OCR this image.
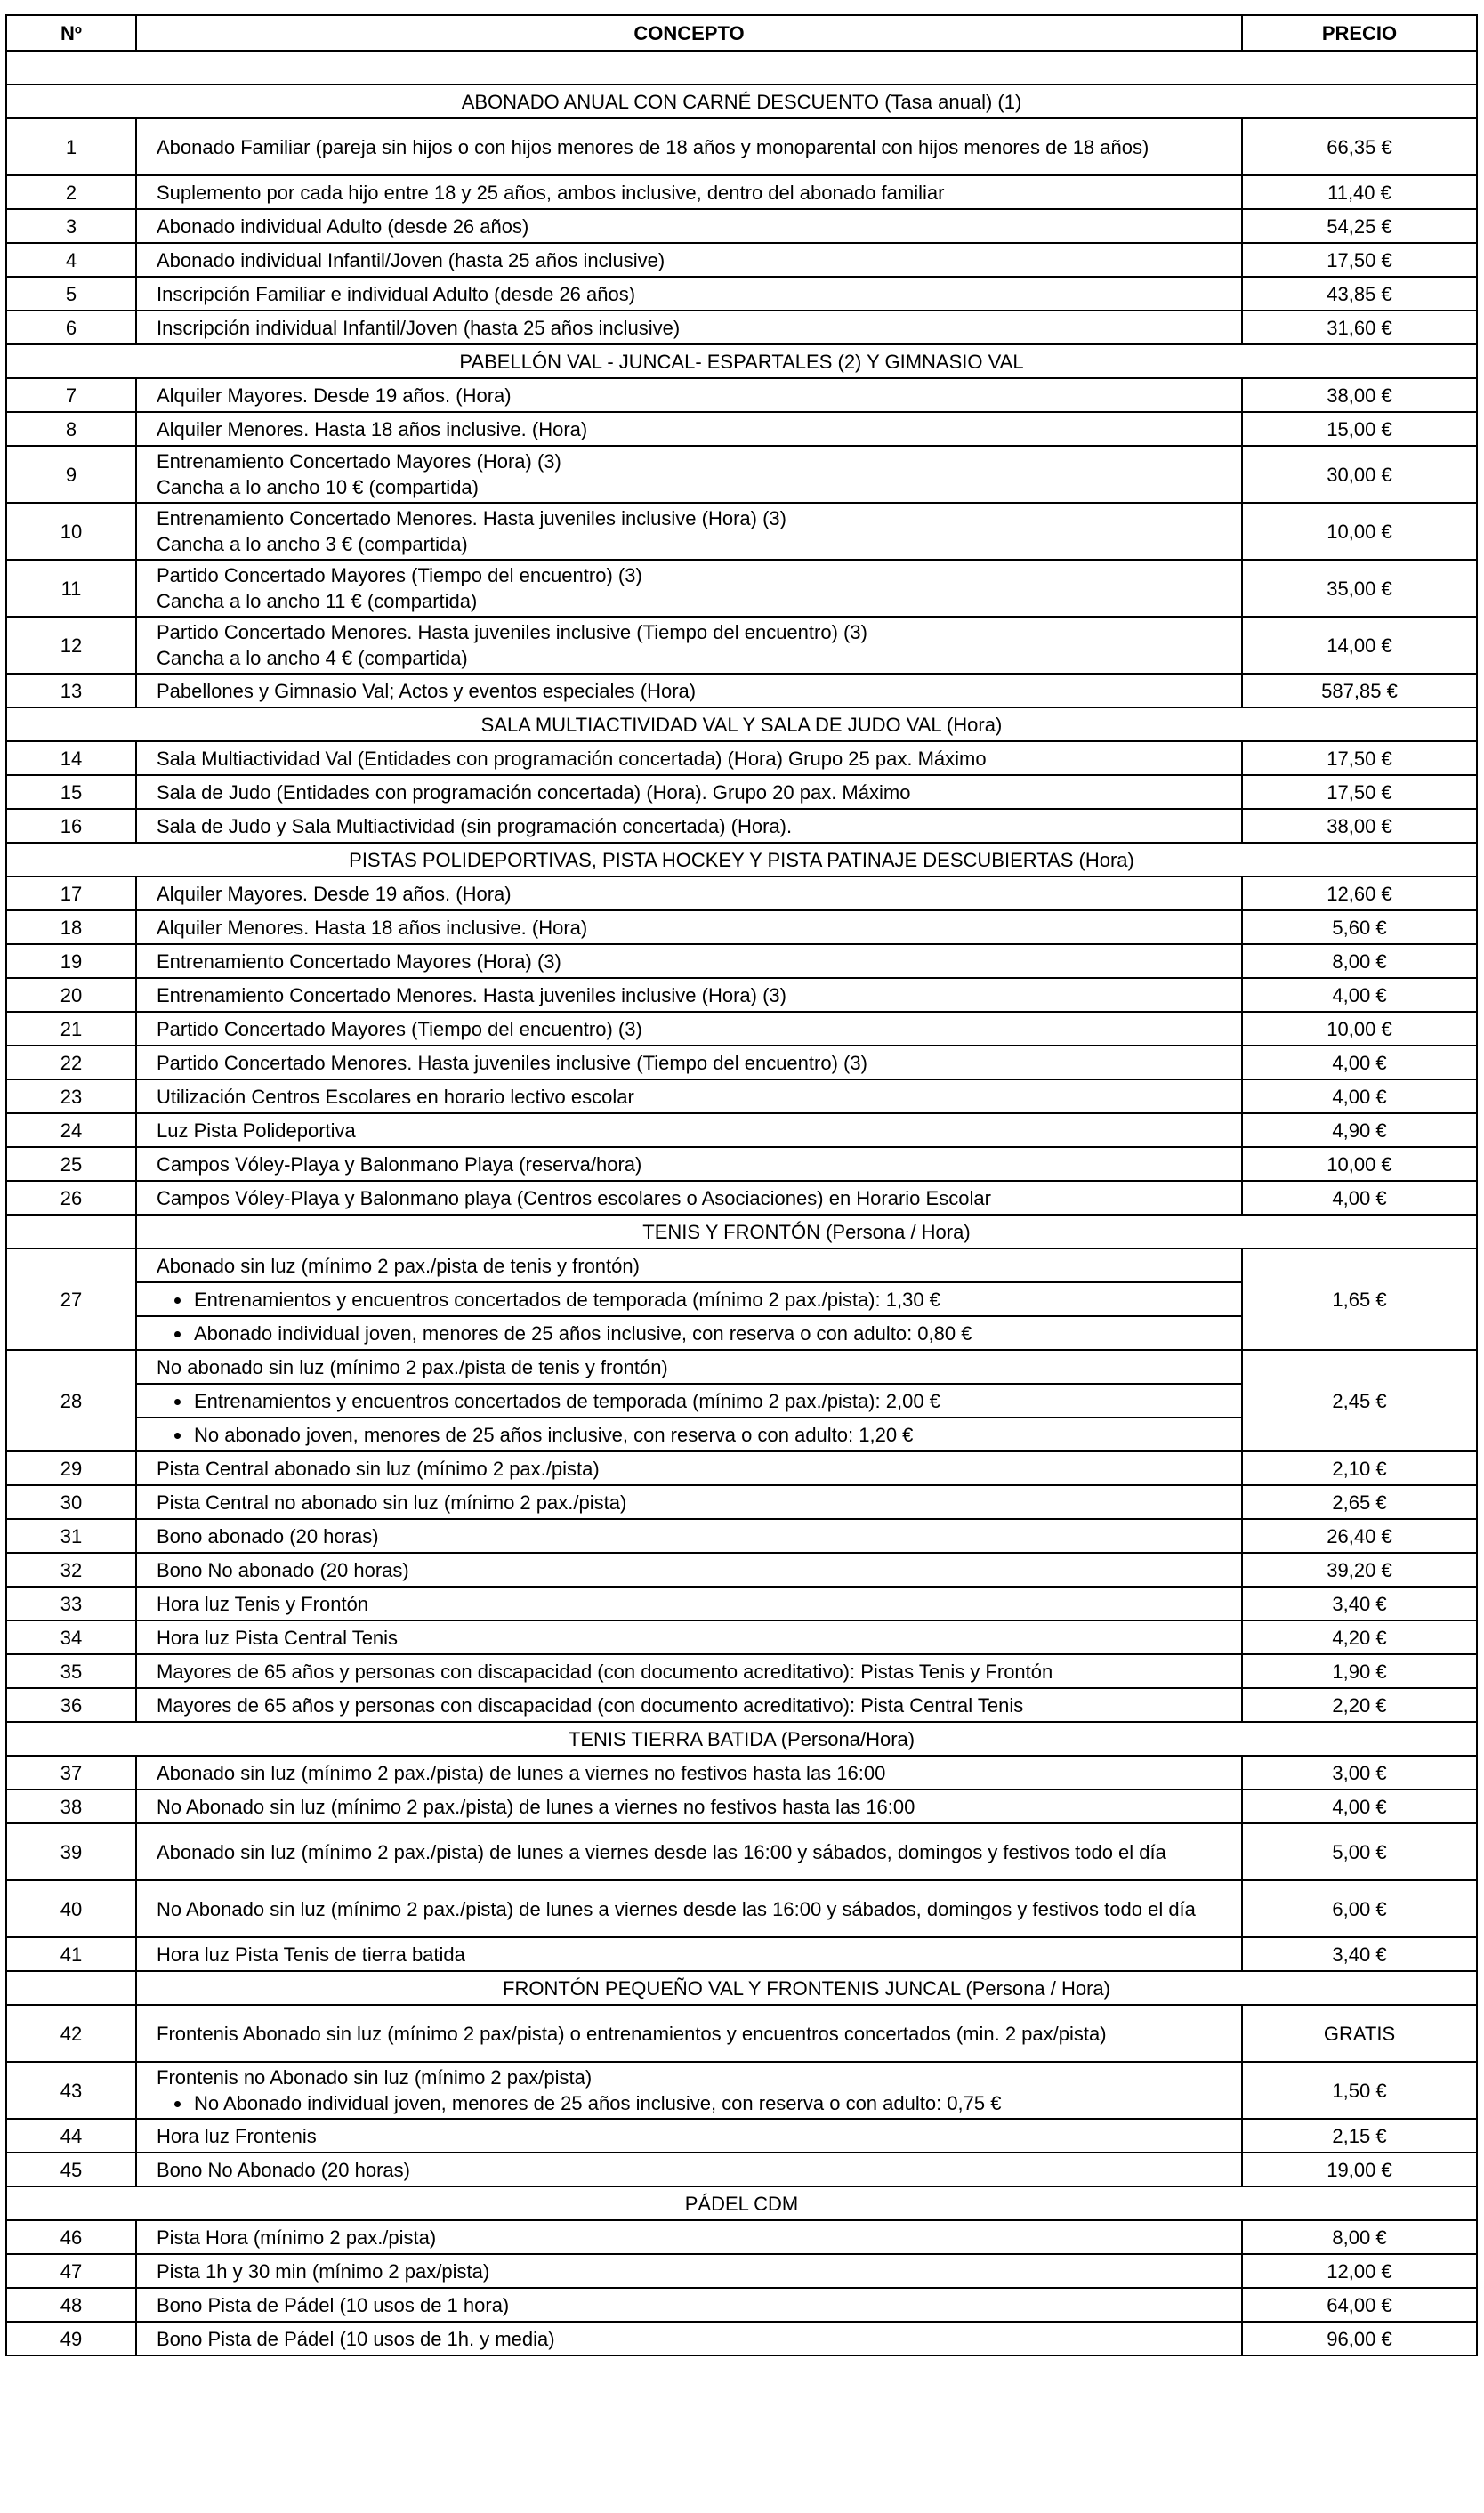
Nº	CONCEPTO	PRECIO

ABONADO ANUAL CON CARNÉ DESCUENTO (Tasa anual) (1)		
1	Abonado Familiar (pareja sin hijos o con hijos menores de 18 años y monoparental con hijos menores de 18 años)	66,35 €
2	Suplemento por cada hijo entre 18 y 25 años, ambos inclusive, dentro del abonado familiar	11,40 €
3	Abonado individual Adulto (desde 26 años)	54,25 €
4	Abonado individual Infantil/Joven (hasta 25 años inclusive)	17,50 €
5	Inscripción Familiar e individual Adulto (desde 26 años)	43,85 €
6	Inscripción individual Infantil/Joven (hasta 25 años inclusive)	31,60 €
PABELLÓN VAL - JUNCAL- ESPARTALES (2) Y GIMNASIO VAL		
7	Alquiler Mayores. Desde 19 años. (Hora)	38,00 €
8	Alquiler Menores. Hasta 18 años inclusive. (Hora)	15,00 €
9	Entrenamiento Concertado Mayores (Hora) (3)
Cancha a lo ancho 10 € (compartida)	30,00 €
10	Entrenamiento Concertado Menores. Hasta juveniles inclusive (Hora) (3)
Cancha a lo ancho 3 € (compartida)	10,00 €
11	Partido Concertado Mayores (Tiempo del encuentro) (3)
Cancha a lo ancho 11 € (compartida)	35,00 €
12	Partido Concertado Menores. Hasta juveniles inclusive (Tiempo del encuentro) (3)
Cancha a lo ancho 4 € (compartida)	14,00 €
13	Pabellones y Gimnasio Val; Actos y eventos especiales (Hora)	587,85 €
SALA MULTIACTIVIDAD VAL Y SALA DE JUDO VAL (Hora)		
14	Sala Multiactividad Val (Entidades con programación concertada) (Hora) Grupo 25 pax. Máximo	17,50 €
15	Sala de Judo (Entidades con programación concertada) (Hora). Grupo 20 pax. Máximo	17,50 €
16	Sala de Judo y Sala Multiactividad (sin programación concertada) (Hora).	38,00 €
PISTAS POLIDEPORTIVAS, PISTA HOCKEY Y PISTA PATINAJE DESCUBIERTAS (Hora)		
17	Alquiler Mayores. Desde 19 años. (Hora)	12,60 €
18	Alquiler Menores. Hasta 18 años inclusive. (Hora)	5,60 €
19	Entrenamiento Concertado Mayores (Hora) (3)	8,00 €
20	Entrenamiento Concertado Menores. Hasta juveniles inclusive (Hora) (3)	4,00 €
21	Partido Concertado Mayores (Tiempo del encuentro) (3)	10,00 €
22	Partido Concertado Menores. Hasta juveniles inclusive (Tiempo del encuentro) (3)	4,00 €
23	Utilización Centros Escolares en horario lectivo escolar	4,00 €
24	Luz Pista Polideportiva	4,90 €
25	Campos Vóley-Playa y Balonmano Playa (reserva/hora)	10,00 €
26	Campos Vóley-Playa y Balonmano playa (Centros escolares o Asociaciones) en Horario Escolar	4,00 €
	TENIS Y FRONTÓN (Persona / Hora)	
27	Abonado sin luz (mínimo 2 pax./pista de tenis y frontón)	1,65 €
	Entrenamientos y encuentros concertados de temporada (mínimo 2 pax./pista): 1,30 €	
	Abonado individual joven, menores de 25 años inclusive, con reserva o con adulto: 0,80 €	
28	No abonado sin luz (mínimo 2 pax./pista de tenis y frontón)	2,45 €
	Entrenamientos y encuentros concertados de temporada (mínimo 2 pax./pista): 2,00 €	
	No abonado joven, menores de 25 años inclusive, con reserva o con adulto: 1,20 €	
29	Pista Central abonado sin luz (mínimo 2 pax./pista)	2,10 €
30	Pista Central no abonado sin luz (mínimo 2 pax./pista)	2,65 €
31	Bono abonado (20 horas)	26,40 €
32	Bono No abonado (20 horas)	39,20 €
33	Hora luz Tenis y Frontón	3,40 €
34	Hora luz Pista Central Tenis	4,20 €
35	Mayores de 65 años y personas con discapacidad (con documento acreditativo): Pistas Tenis y Frontón	1,90 €
36	Mayores de 65 años y personas con discapacidad (con documento acreditativo): Pista Central Tenis	2,20 €
TENIS TIERRA BATIDA (Persona/Hora)		
37	Abonado sin luz (mínimo 2 pax./pista) de lunes a viernes no festivos hasta las 16:00	3,00 €
38	No Abonado sin luz (mínimo 2 pax./pista) de lunes a viernes no festivos hasta las 16:00	4,00 €
39	Abonado sin luz (mínimo 2 pax./pista) de lunes a viernes desde las 16:00 y sábados, domingos y festivos todo el día	5,00 €
40	No Abonado sin luz (mínimo 2 pax./pista) de lunes a viernes desde las 16:00 y sábados, domingos y festivos todo el día	6,00 €
41	Hora luz Pista Tenis de tierra batida	3,40 €
	FRONTÓN PEQUEÑO VAL Y FRONTENIS JUNCAL (Persona / Hora)	
42	Frontenis Abonado sin luz (mínimo 2 pax/pista) o entrenamientos y encuentros concertados (min. 2 pax/pista)	GRATIS
43	Frontenis no Abonado sin luz (mínimo 2 pax/pista)
No Abonado individual joven, menores de 25 años inclusive, con reserva o con adulto: 0,75 €	1,50 €
44	Hora luz Frontenis	2,15 €
45	Bono No Abonado (20 horas)	19,00 €
PÁDEL CDM		
46	Pista Hora (mínimo 2 pax./pista)	8,00 €
47	Pista 1h y 30 min (mínimo 2 pax/pista)	12,00 €
48	Bono Pista de Pádel (10 usos de 1 hora)	64,00 €
49	Bono Pista de Pádel (10 usos de 1h. y media)	96,00 €
